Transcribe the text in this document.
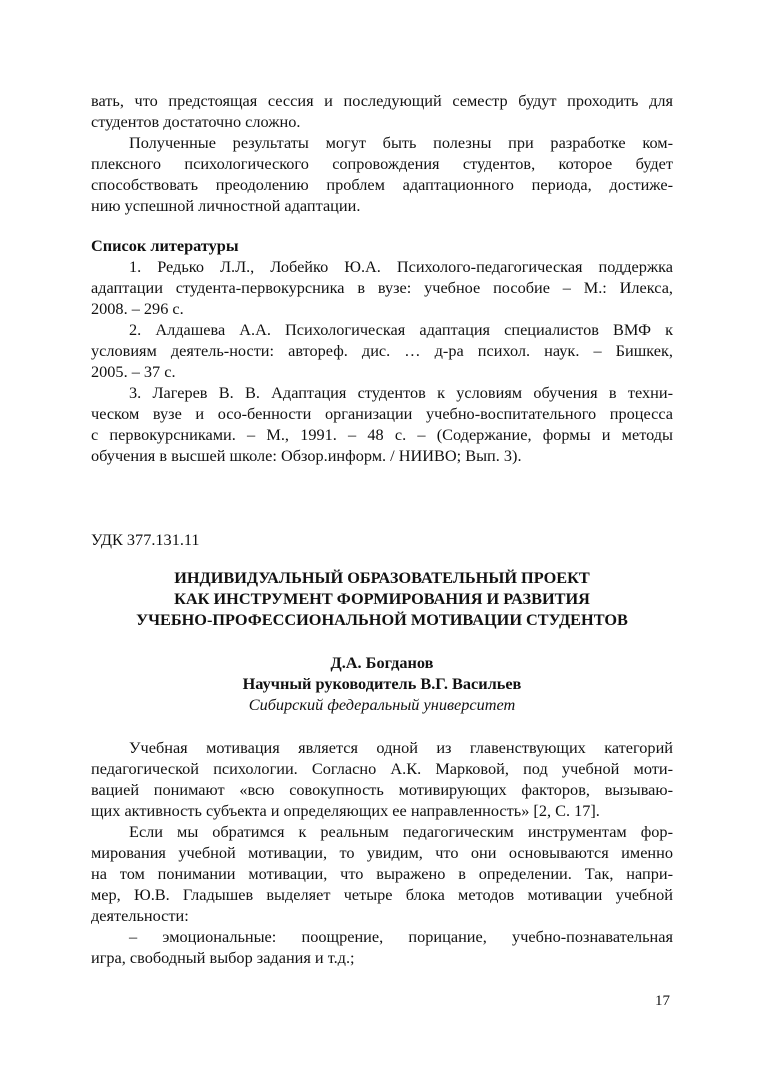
вать, что предстоящая сессия и последующий семестр будут проходить для
студентов достаточно сложно.
Полученные результаты могут быть полезны при разработке ком-
плексного психологического сопровождения студентов, которое будет
способствовать преодолению проблем адаптационного периода, достиже-
нию успешной личностной адаптации.
Список литературы
1. Редько Л.Л., Лобейко Ю.А. Психолого-педагогическая поддержка
адаптации студента-первокурсника в вузе: учебное пособие – М.: Илекса,
2008. – 296 с.
2. Алдашева А.А. Психологическая адаптация специалистов ВМФ к
условиям деятель-ности: автореф. дис. … д-ра психол. наук. – Бишкек,
2005. – 37 с.
3. Лагерев В. В. Адаптация студентов к условиям обучения в техни-
ческом вузе и осо-бенности организации учебно-воспитательного процесса
с первокурсниками. – М., 1991. – 48 с. – (Содержание, формы и методы
обучения в высшей школе: Обзор.информ. / НИИВО; Вып. 3).
УДК 377.131.11
ИНДИВИДУАЛЬНЫЙ ОБРАЗОВАТЕЛЬНЫЙ ПРОЕКТ
КАК ИНСТРУМЕНТ ФОРМИРОВАНИЯ И РАЗВИТИЯ
УЧЕБНО-ПРОФЕССИОНАЛЬНОЙ МОТИВАЦИИ СТУДЕНТОВ
Д.А. Богданов
Научный руководитель В.Г. Васильев
Сибирский федеральный университет
Учебная мотивация является одной из главенствующих категорий
педагогической психологии. Согласно А.К. Марковой, под учебной моти-
вацией понимают «всю совокупность мотивирующих факторов, вызываю-
щих активность субъекта и определяющих ее направленность» [2, С. 17].
Если мы обратимся к реальным педагогическим инструментам фор-
мирования учебной мотивации, то увидим, что они основываются именно
на том понимании мотивации, что выражено в определении. Так, напри-
мер, Ю.В. Гладышев выделяет четыре блока методов мотивации учебной
деятельности:
– эмоциональные: поощрение, порицание, учебно-познавательная
игра, свободный выбор задания и т.д.;
17
